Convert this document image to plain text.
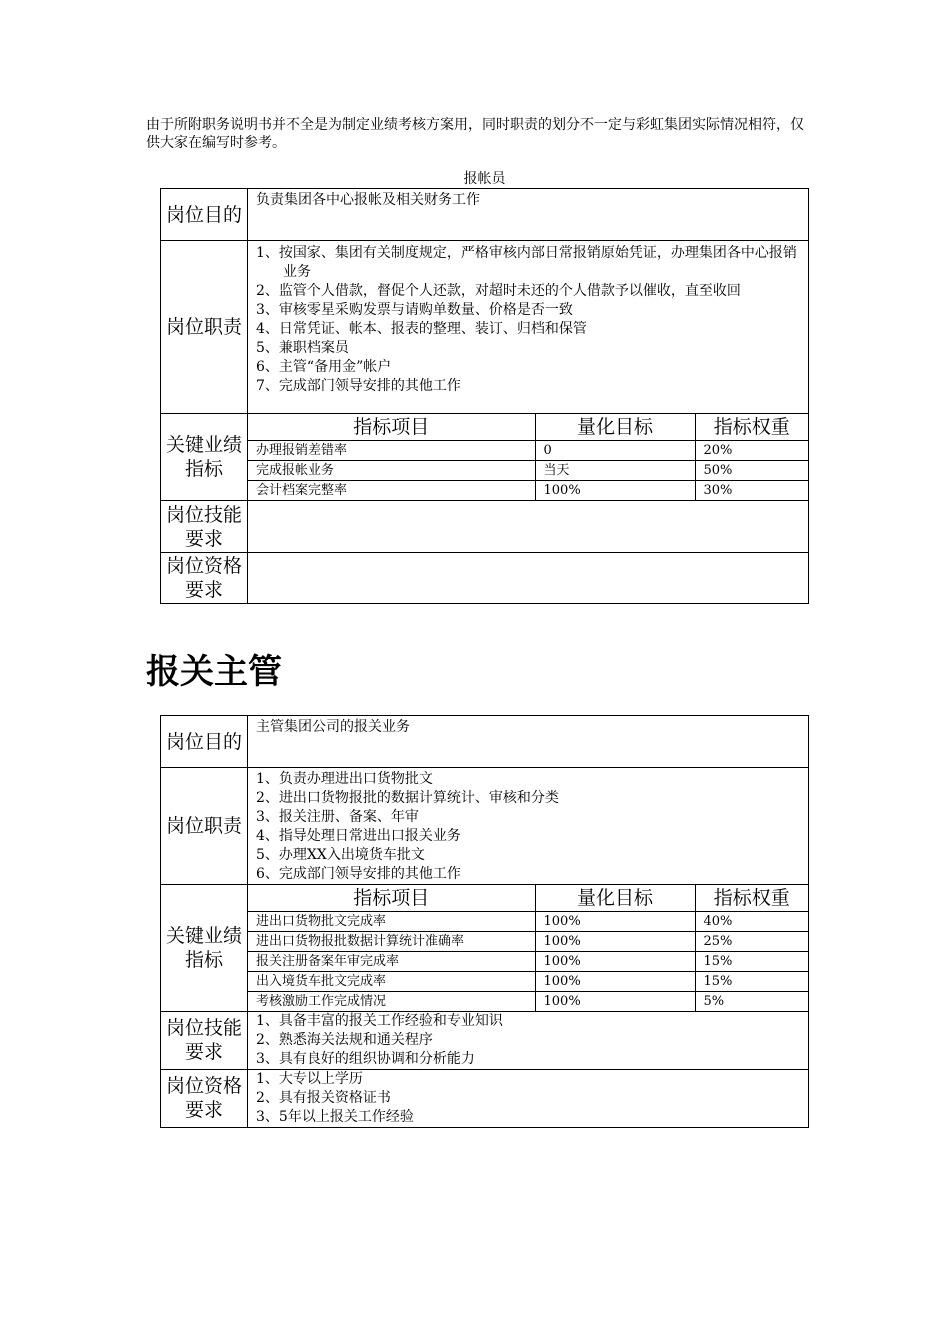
由于所附职务说明书并不全是为制定业绩考核方案用，同时职责的划分不一定与彩虹集团实际情况相符，仅供大家在编写时参考。
报帐员
岗位目的	负责集团各中心报帐及相关财务工作
岗位职责	
1、按国家、集团有关制度规定，严格审核内部日常报销原始凭证，办理集团各中心报销业务
2、监管个人借款，督促个人还款，对超时未还的个人借款予以催收，直至收回
3、审核零星采购发票与请购单数量、价格是否一致
4、日常凭证、帐本、报表的整理、装订、归档和保管
5、兼职档案员
6、主管“备用金”帐户
7、完成部门领导安排的其他工作

关键业绩指标	
指标项目	量化目标	指标权重
办理报销差错率	0	20%
完成报帐业务	当天	50%
会计档案完整率	100%	30%

岗位技能要求	
岗位资格要求	
报关主管
岗位目的	主管集团公司的报关业务
岗位职责	
1、负责办理进出口货物批文
2、进出口货物报批的数据计算统计、审核和分类
3、报关注册、备案、年审
4、指导处理日常进出口报关业务
5、办理XX入出境货车批文
6、完成部门领导安排的其他工作

关键业绩指标	
指标项目	量化目标	指标权重
进出口货物批文完成率	100%	40%
进出口货物报批数据计算统计准确率	100%	25%
报关注册备案年审完成率	100%	15%
出入境货车批文完成率	100%	15%
考核激励工作完成情况	100%	5%

岗位技能要求	
1、具备丰富的报关工作经验和专业知识
2、熟悉海关法规和通关程序
3、具有良好的组织协调和分析能力

岗位资格要求	
1、大专以上学历
2、具有报关资格证书
3、5年以上报关工作经验
